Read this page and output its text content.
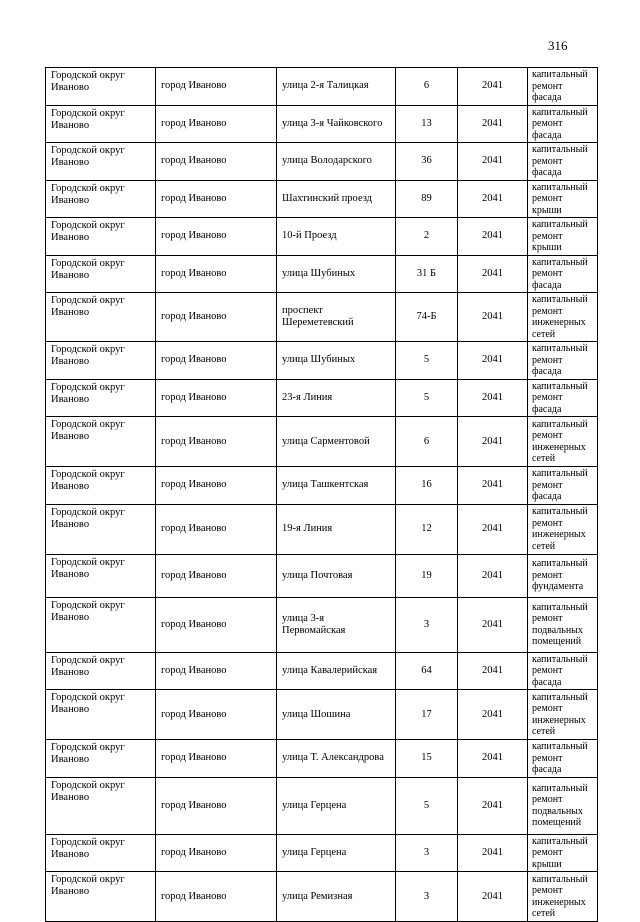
316
Городской округ Иваново	город Иваново	улица 2-я Талицкая	6	2041	капитальный ремонт фасада
Городской округ Иваново	город Иваново	улица 3-я Чайковского	13	2041	капитальный ремонт фасада
Городской округ Иваново	город Иваново	улица Володарского	36	2041	капитальный ремонт фасада
Городской округ Иваново	город Иваново	Шахтинский проезд	89	2041	капитальный ремонт крыши
Городской округ Иваново	город Иваново	10-й Проезд	2	2041	капитальный ремонт крыши
Городской округ Иваново	город Иваново	улица Шубиных	31 Б	2041	капитальный ремонт фасада
Городской округ Иваново	город Иваново	проспект Шереметевский	74-Б	2041	капитальный ремонт инженерных сетей
Городской округ Иваново	город Иваново	улица Шубиных	5	2041	капитальный ремонт фасада
Городской округ Иваново	город Иваново	23-я Линия	5	2041	капитальный ремонт фасада
Городской округ Иваново	город Иваново	улица Сарментовой	6	2041	капитальный ремонт инженерных сетей
Городской округ Иваново	город Иваново	улица Ташкентская	16	2041	капитальный ремонт фасада
Городской округ Иваново	город Иваново	19-я Линия	12	2041	капитальный ремонт инженерных сетей
Городской округ Иваново	город Иваново	улица Почтовая	19	2041	капитальный ремонт фундамента
Городской округ Иваново	город Иваново	улица 3-я Первомайская	3	2041	капитальный ремонт подвальных помещений
Городской округ Иваново	город Иваново	улица Кавалерийская	64	2041	капитальный ремонт фасада
Городской округ Иваново	город Иваново	улица Шошина	17	2041	капитальный ремонт инженерных сетей
Городской округ Иваново	город Иваново	улица Т. Александрова	15	2041	капитальный ремонт фасада
Городской округ Иваново	город Иваново	улица Герцена	5	2041	капитальный ремонт подвальных помещений
Городской округ Иваново	город Иваново	улица Герцена	3	2041	капитальный ремонт крыши
Городской округ Иваново	город Иваново	улица Ремизная	3	2041	капитальный ремонт инженерных сетей
